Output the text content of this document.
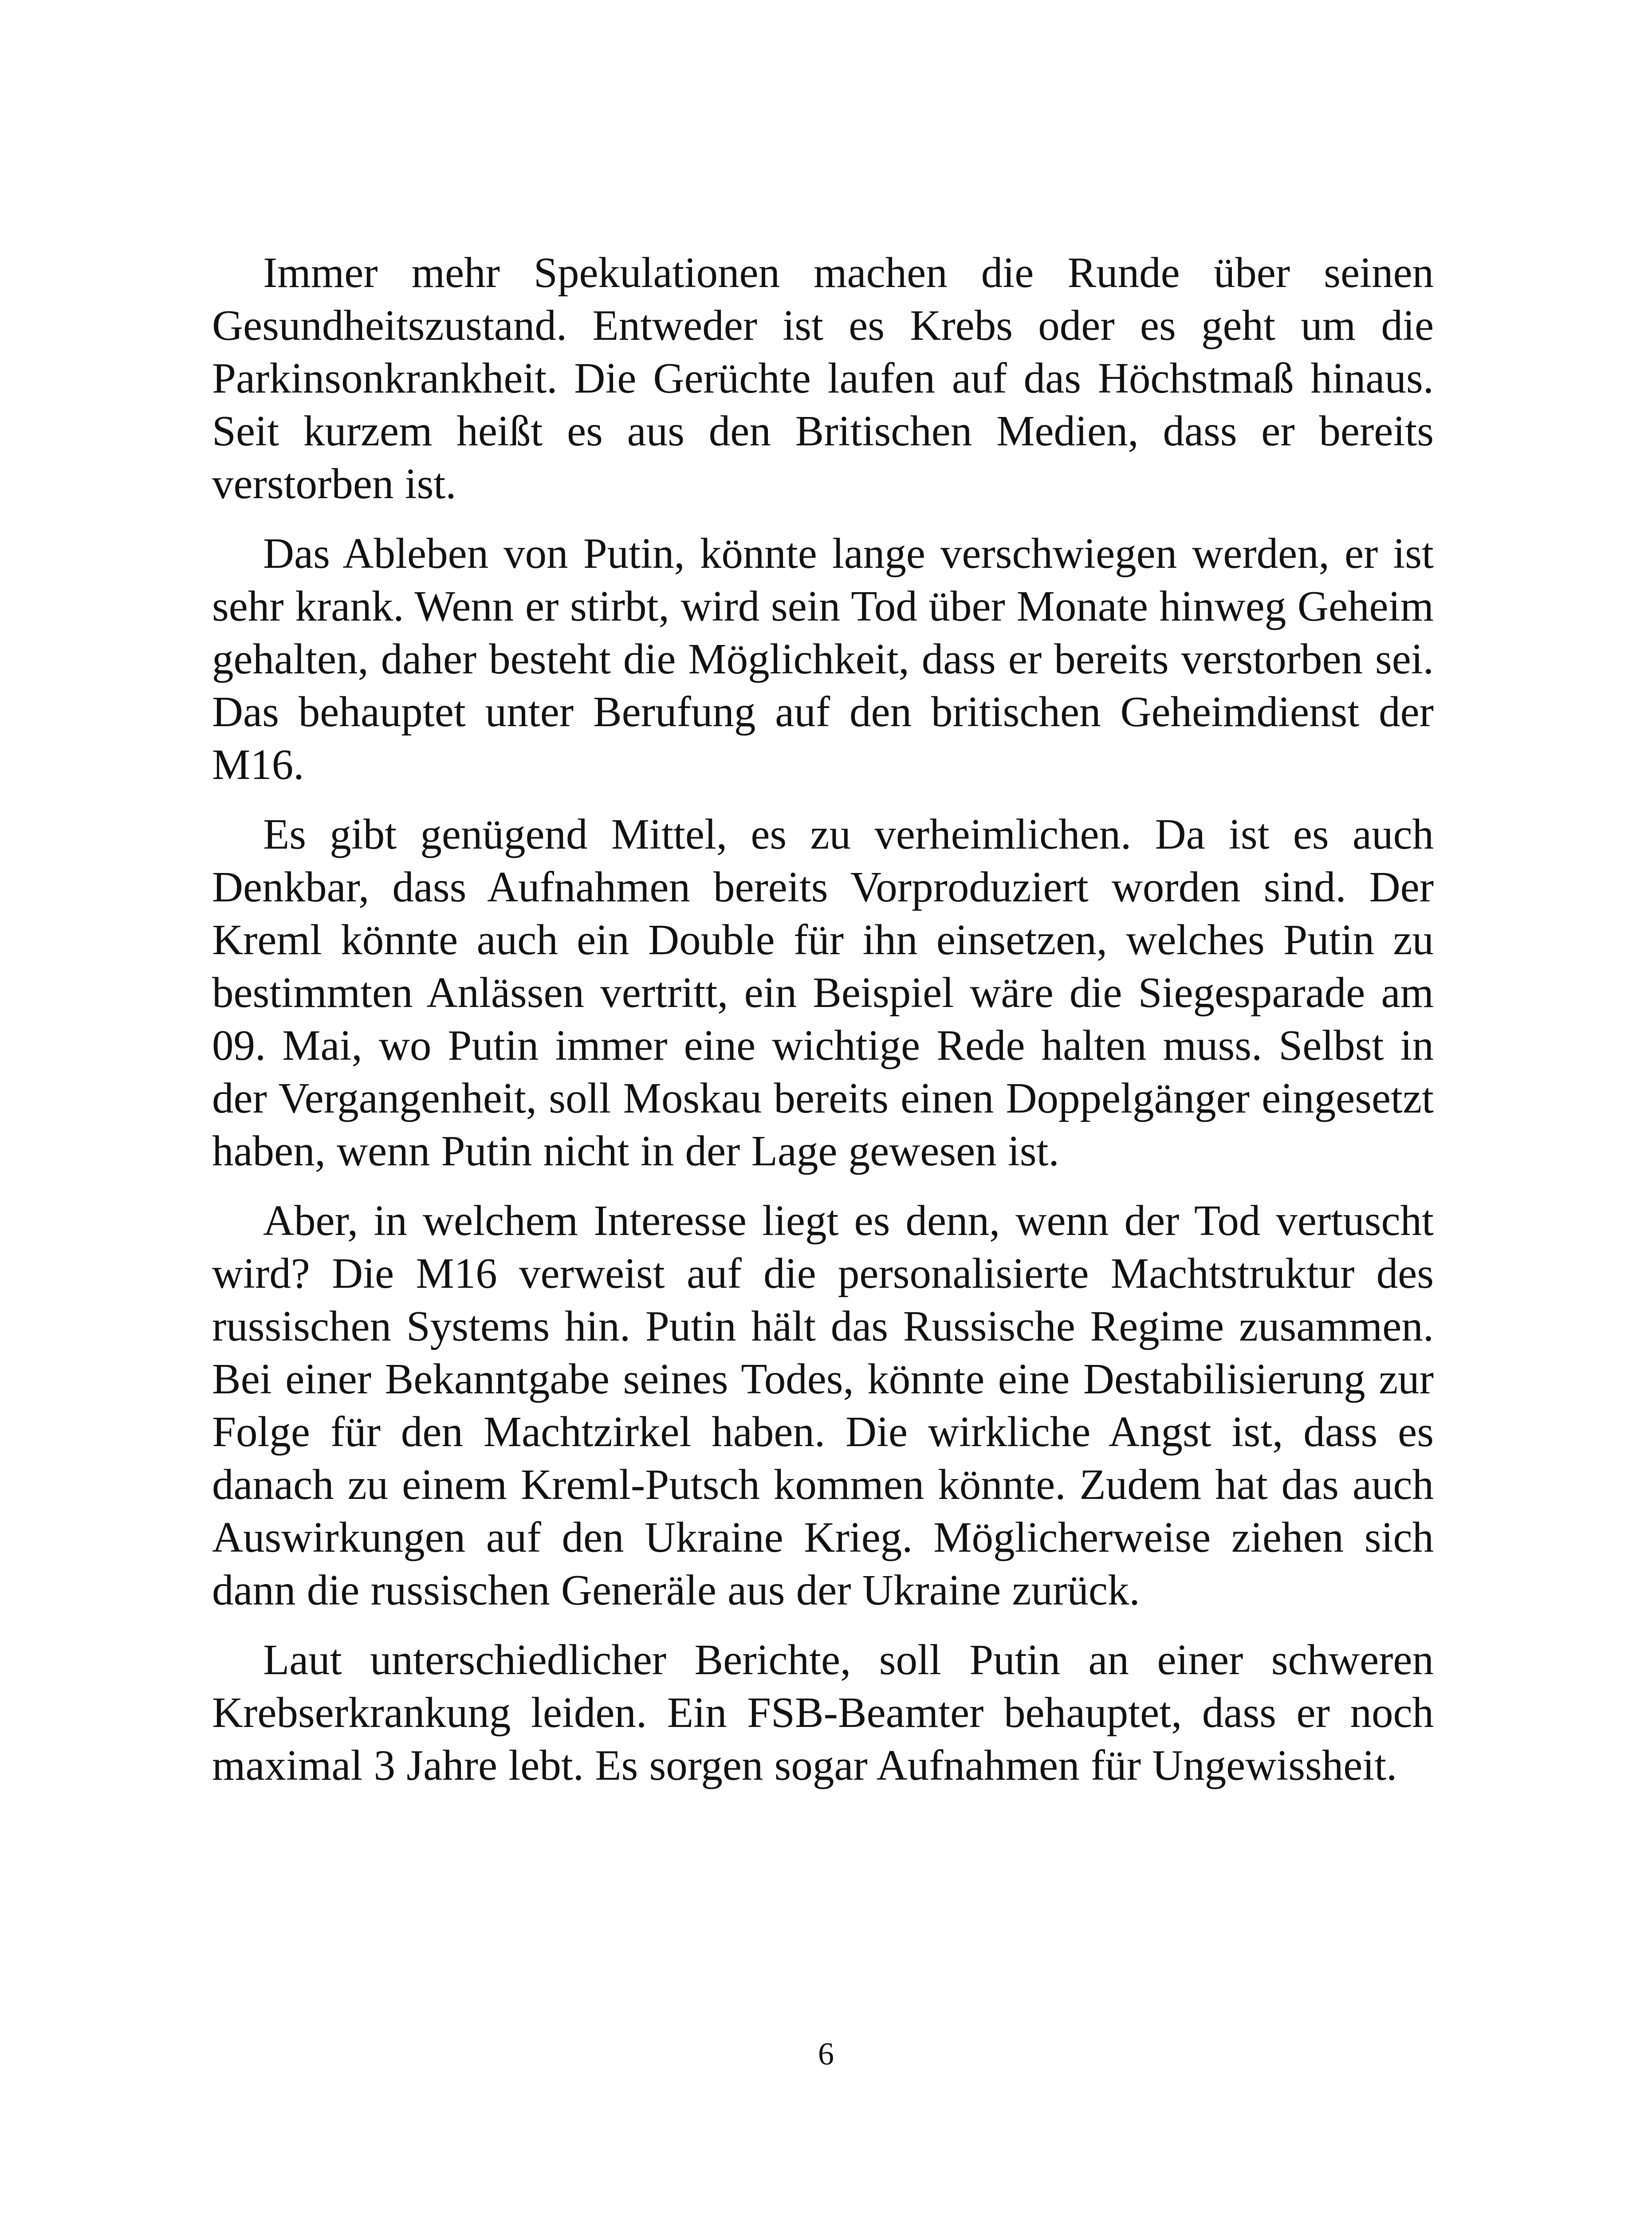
Immer mehr Spekulationen machen die Runde über seinen Gesundheitszustand. Entweder ist es Krebs oder es geht um die Parkinsonkrankheit. Die Gerüchte laufen auf das Höchstmaß hinaus. Seit kurzem heißt es aus den Britischen Medien, dass er bereits verstorben ist.

Das Ableben von Putin, könnte lange verschwiegen werden, er ist sehr krank. Wenn er stirbt, wird sein Tod über Monate hinweg Geheim gehalten, daher besteht die Möglichkeit, dass er bereits verstorben sei. Das behauptet unter Berufung auf den britischen Geheimdienst der M16.

Es gibt genügend Mittel, es zu verheimlichen. Da ist es auch Denkbar, dass Aufnahmen bereits Vorproduziert worden sind. Der Kreml könnte auch ein Double für ihn einsetzen, welches Putin zu bestimmten Anlässen vertritt, ein Beispiel wäre die Siegesparade am 09. Mai, wo Putin immer eine wichtige Rede halten muss. Selbst in der Vergangenheit, soll Moskau bereits einen Doppelgänger eingesetzt haben, wenn Putin nicht in der Lage gewesen ist.

Aber, in welchem Interesse liegt es denn, wenn der Tod vertuscht wird? Die M16 verweist auf die personalisierte Machtstruktur des russischen Systems hin. Putin hält das Russische Regime zusammen. Bei einer Bekanntgabe seines Todes, könnte eine Destabilisierung zur Folge für den Machtzirkel haben. Die wirkliche Angst ist, dass es danach zu einem Kreml-Putsch kommen könnte. Zudem hat das auch Auswirkungen auf den Ukraine Krieg. Möglicherweise ziehen sich dann die russischen Generäle aus der Ukraine zurück.

Laut unterschiedlicher Berichte, soll Putin an einer schweren Krebserkrankung leiden. Ein FSB-Beamter behauptet, dass er noch maximal 3 Jahre lebt. Es sorgen sogar Aufnahmen für Ungewissheit.

6
